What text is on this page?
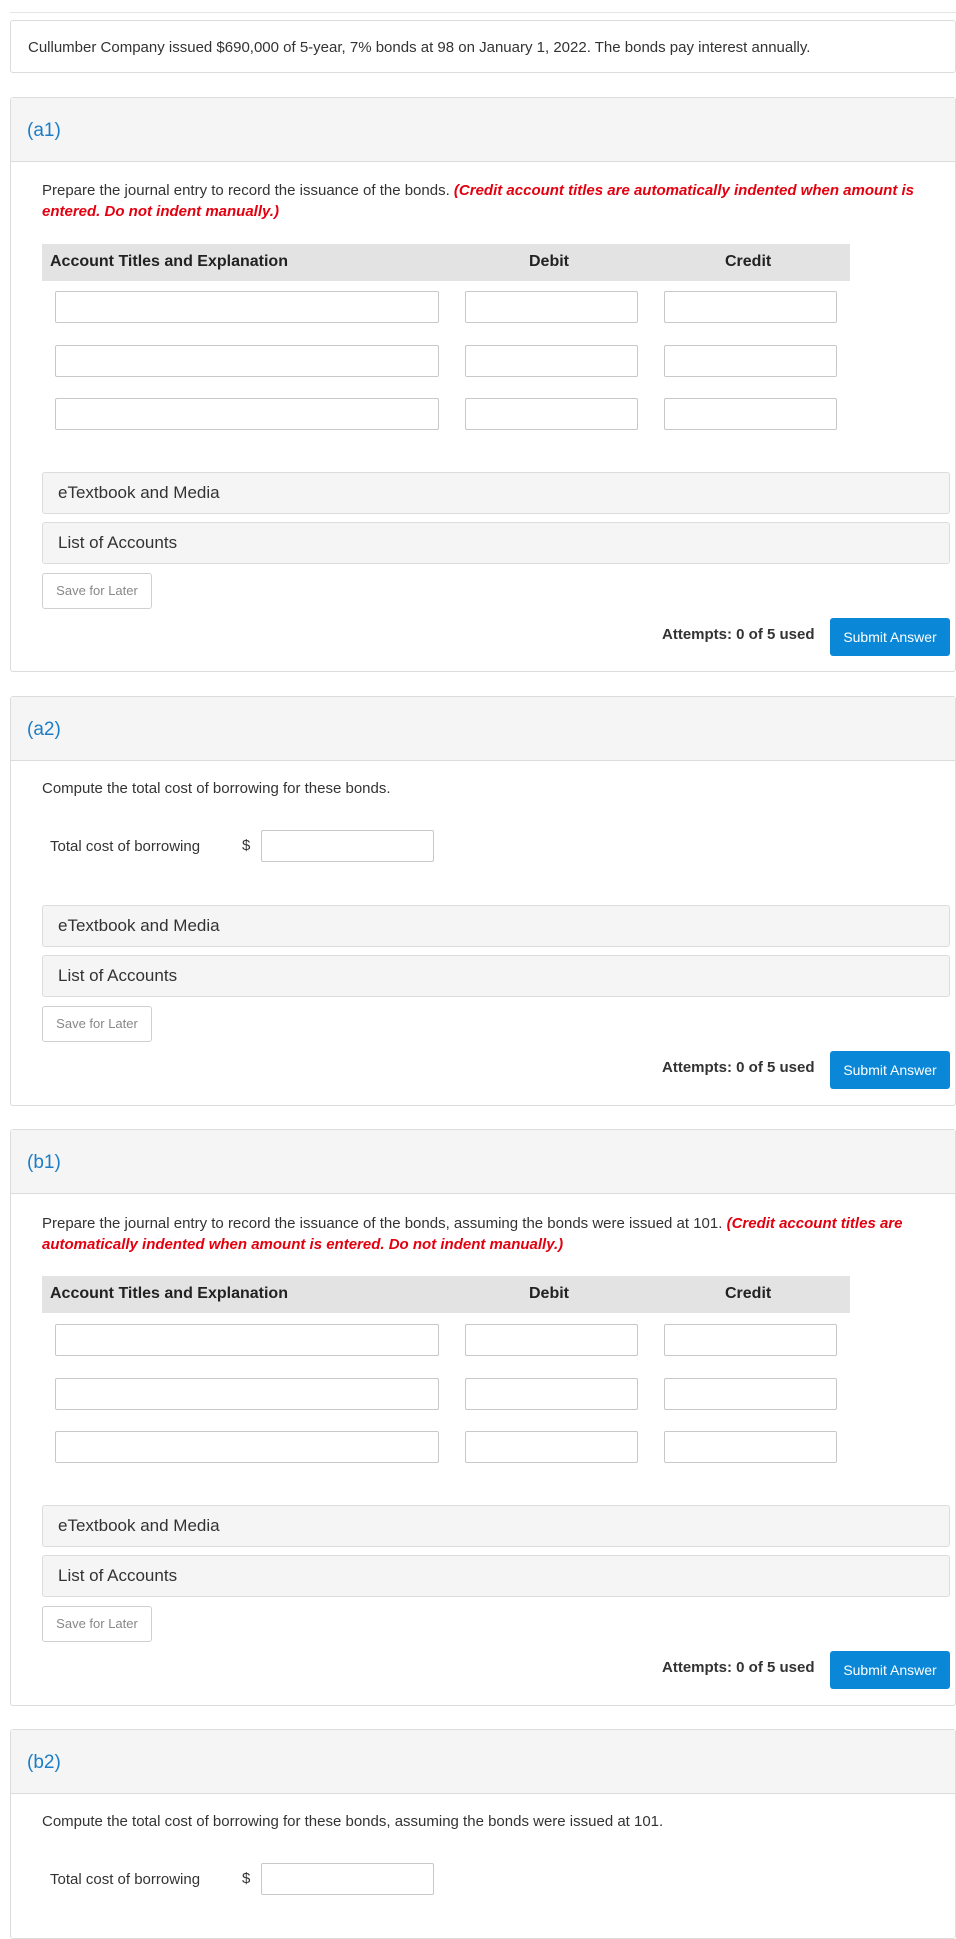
Cullumber Company issued $690,000 of 5-year, 7% bonds at 98 on January 1, 2022. The bonds pay interest annually.
(a1)
Prepare the journal entry to record the issuance of the bonds. (Credit account titles are automatically indented when amount is entered. Do not indent manually.)
Account Titles and Explanation	Debit	Credit
eTextbook and Media
List of Accounts
Save for Later
Attempts: 0 of 5 used	Submit Answer
(a2)
Compute the total cost of borrowing for these bonds.
Total cost of borrowing	$
eTextbook and Media
List of Accounts
Save for Later
Attempts: 0 of 5 used	Submit Answer
(b1)
Prepare the journal entry to record the issuance of the bonds, assuming the bonds were issued at 101. (Credit account titles are automatically indented when amount is entered. Do not indent manually.)
Account Titles and Explanation	Debit	Credit
eTextbook and Media
List of Accounts
Save for Later
Attempts: 0 of 5 used	Submit Answer
(b2)
Compute the total cost of borrowing for these bonds, assuming the bonds were issued at 101.
Total cost of borrowing	$
